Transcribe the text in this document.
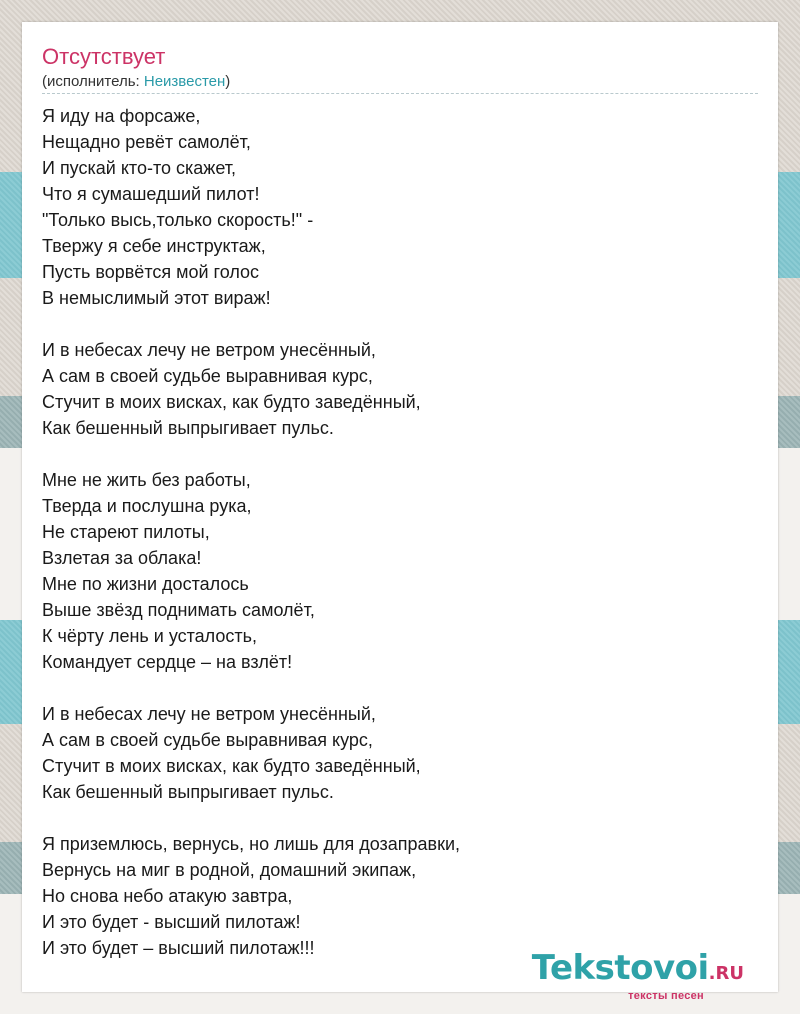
Отсутствует
(исполнитель: Неизвестен)
Я иду на форсаже,
Нещадно ревёт самолёт,
И пускай кто-то скажет,
Что я сумашедший пилот!
"Только высь,только скорость!" -
Твержу я себе инструктаж,
Пусть ворвётся мой голос
В немыслимый этот вираж!
И в небесах лечу не ветром унесённый,
А сам в своей судьбе выравнивая курс,
Стучит в моих висках, как будто заведённый,
Как бешенный выпрыгивает пульс.
Мне не жить без работы,
Тверда и послушна рука,
Не стареют пилоты,
Взлетая за облака!
Мне по жизни досталось
Выше звёзд поднимать самолёт,
К чёрту лень и усталость,
Командует сердце – на взлёт!
И в небесах лечу не ветром унесённый,
А сам в своей судьбе выравнивая курс,
Стучит в моих висках, как будто заведённый,
Как бешенный выпрыгивает пульс.
Я приземлюсь, вернусь, но лишь для дозаправки,
Вернусь на миг в родной, домашний экипаж,
Но снова небо атакую завтра,
И это будет - высший пилотаж!
И это будет – высший пилотаж!!!	Tekstovoi.RU
тексты песен
